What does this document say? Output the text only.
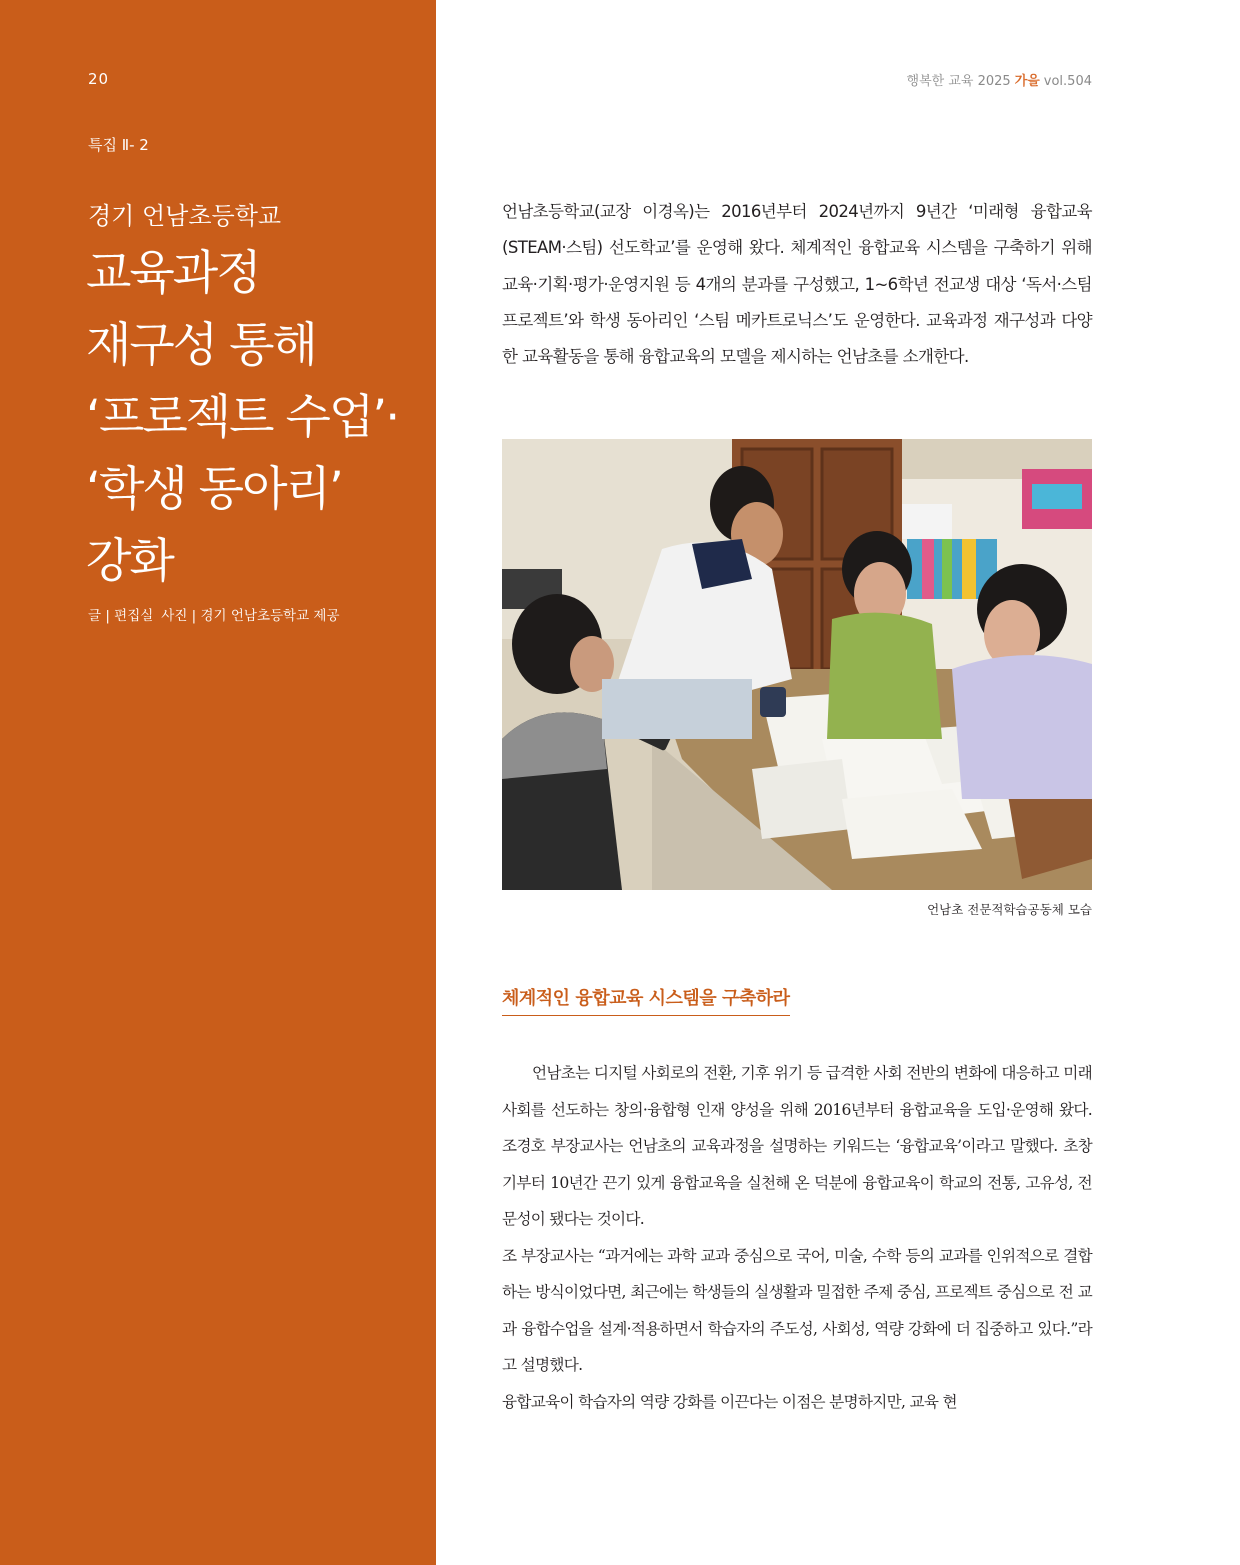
20
특집 Ⅱ- 2
경기 언남초등학교
교육과정
재구성 통해
‘프로젝트 수업’·
‘학생 동아리’
강화
글 | 편집실 사진 | 경기 언남초등학교 제공
행복한 교육 2025 가을 vol.504
언남초등학교(교장 이경옥)는 2016년부터 2024년까지 9년간 ‘미래형 융합교육(STEAM·스팀) 선도학교’를 운영해 왔다. 체계적인 융합교육 시스템을 구축하기 위해 교육·기획·평가·운영지원 등 4개의 분과를 구성했고, 1~6학년 전교생 대상 ‘독서·스팀 프로젝트’와 학생 동아리인 ‘스팀 메카트로닉스’도 운영한다. 교육과정 재구성과 다양한 교육활동을 통해 융합교육의 모델을 제시하는 언남초를 소개한다.
언남초 전문적학습공동체 모습
체계적인 융합교육 시스템을 구축하라

언남초는 디지털 사회로의 전환, 기후 위기 등 급격한 사회 전반의 변화에 대응하고 미래 사회를 선도하는 창의·융합형 인재 양성을 위해 2016년부터 융합교육을 도입·운영해 왔다. 조경호 부장교사는 언남초의 교육과정을 설명하는 키워드는 ‘융합교육’이라고 말했다. 초창기부터 10년간 끈기 있게 융합교육을 실천해 온 덕분에 융합교육이 학교의 전통, 고유성, 전문성이 됐다는 것이다.

조 부장교사는 “과거에는 과학 교과 중심으로 국어, 미술, 수학 등의 교과를 인위적으로 결합하는 방식이었다면, 최근에는 학생들의 실생활과 밀접한 주제 중심, 프로젝트 중심으로 전 교과 융합수업을 설계·적용하면서 학습자의 주도성, 사회성, 역량 강화에 더 집중하고 있다.”라고 설명했다.

융합교육이 학습자의 역량 강화를 이끈다는 이점은 분명하지만, 교육 현
